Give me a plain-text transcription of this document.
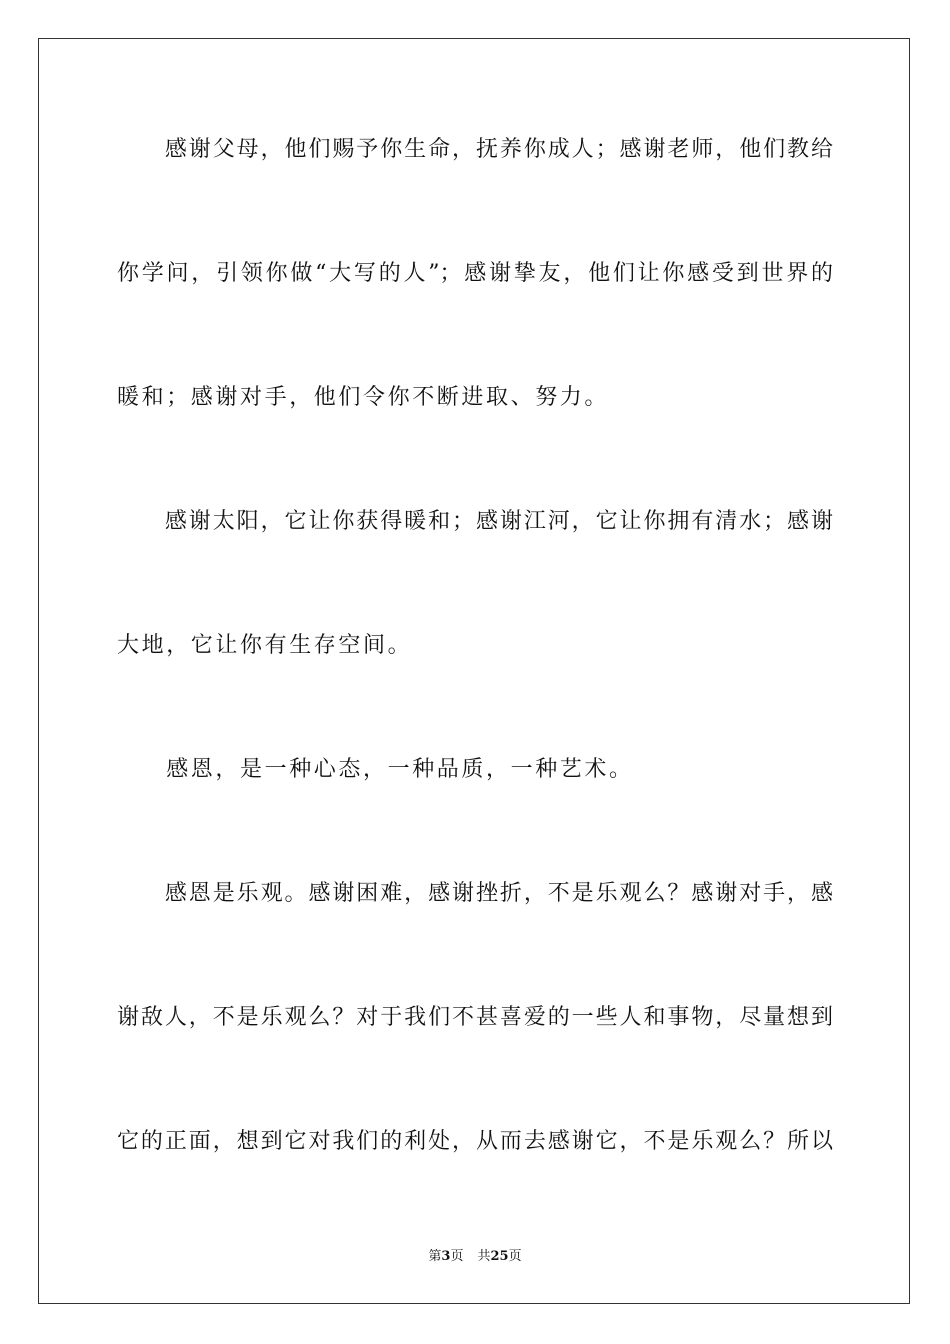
　　感谢父母，他们赐予你生命，抚养你成人；感谢老师，他们教给
你学问，引领你做“大写的人”；感谢挚友，他们让你感受到世界的
暖和；感谢对手，他们令你不断进取、努力。
　　感谢太阳，它让你获得暖和；感谢江河，它让你拥有清水；感谢
大地，它让你有生存空间。
　　感恩，是一种心态，一种品质，一种艺术。
　　感恩是乐观。感谢困难，感谢挫折，不是乐观么？感谢对手，感
谢敌人，不是乐观么？对于我们不甚喜爱的一些人和事物，尽量想到
它的正面，想到它对我们的利处，从而去感谢它，不是乐观么？所以
第3页 共25页
